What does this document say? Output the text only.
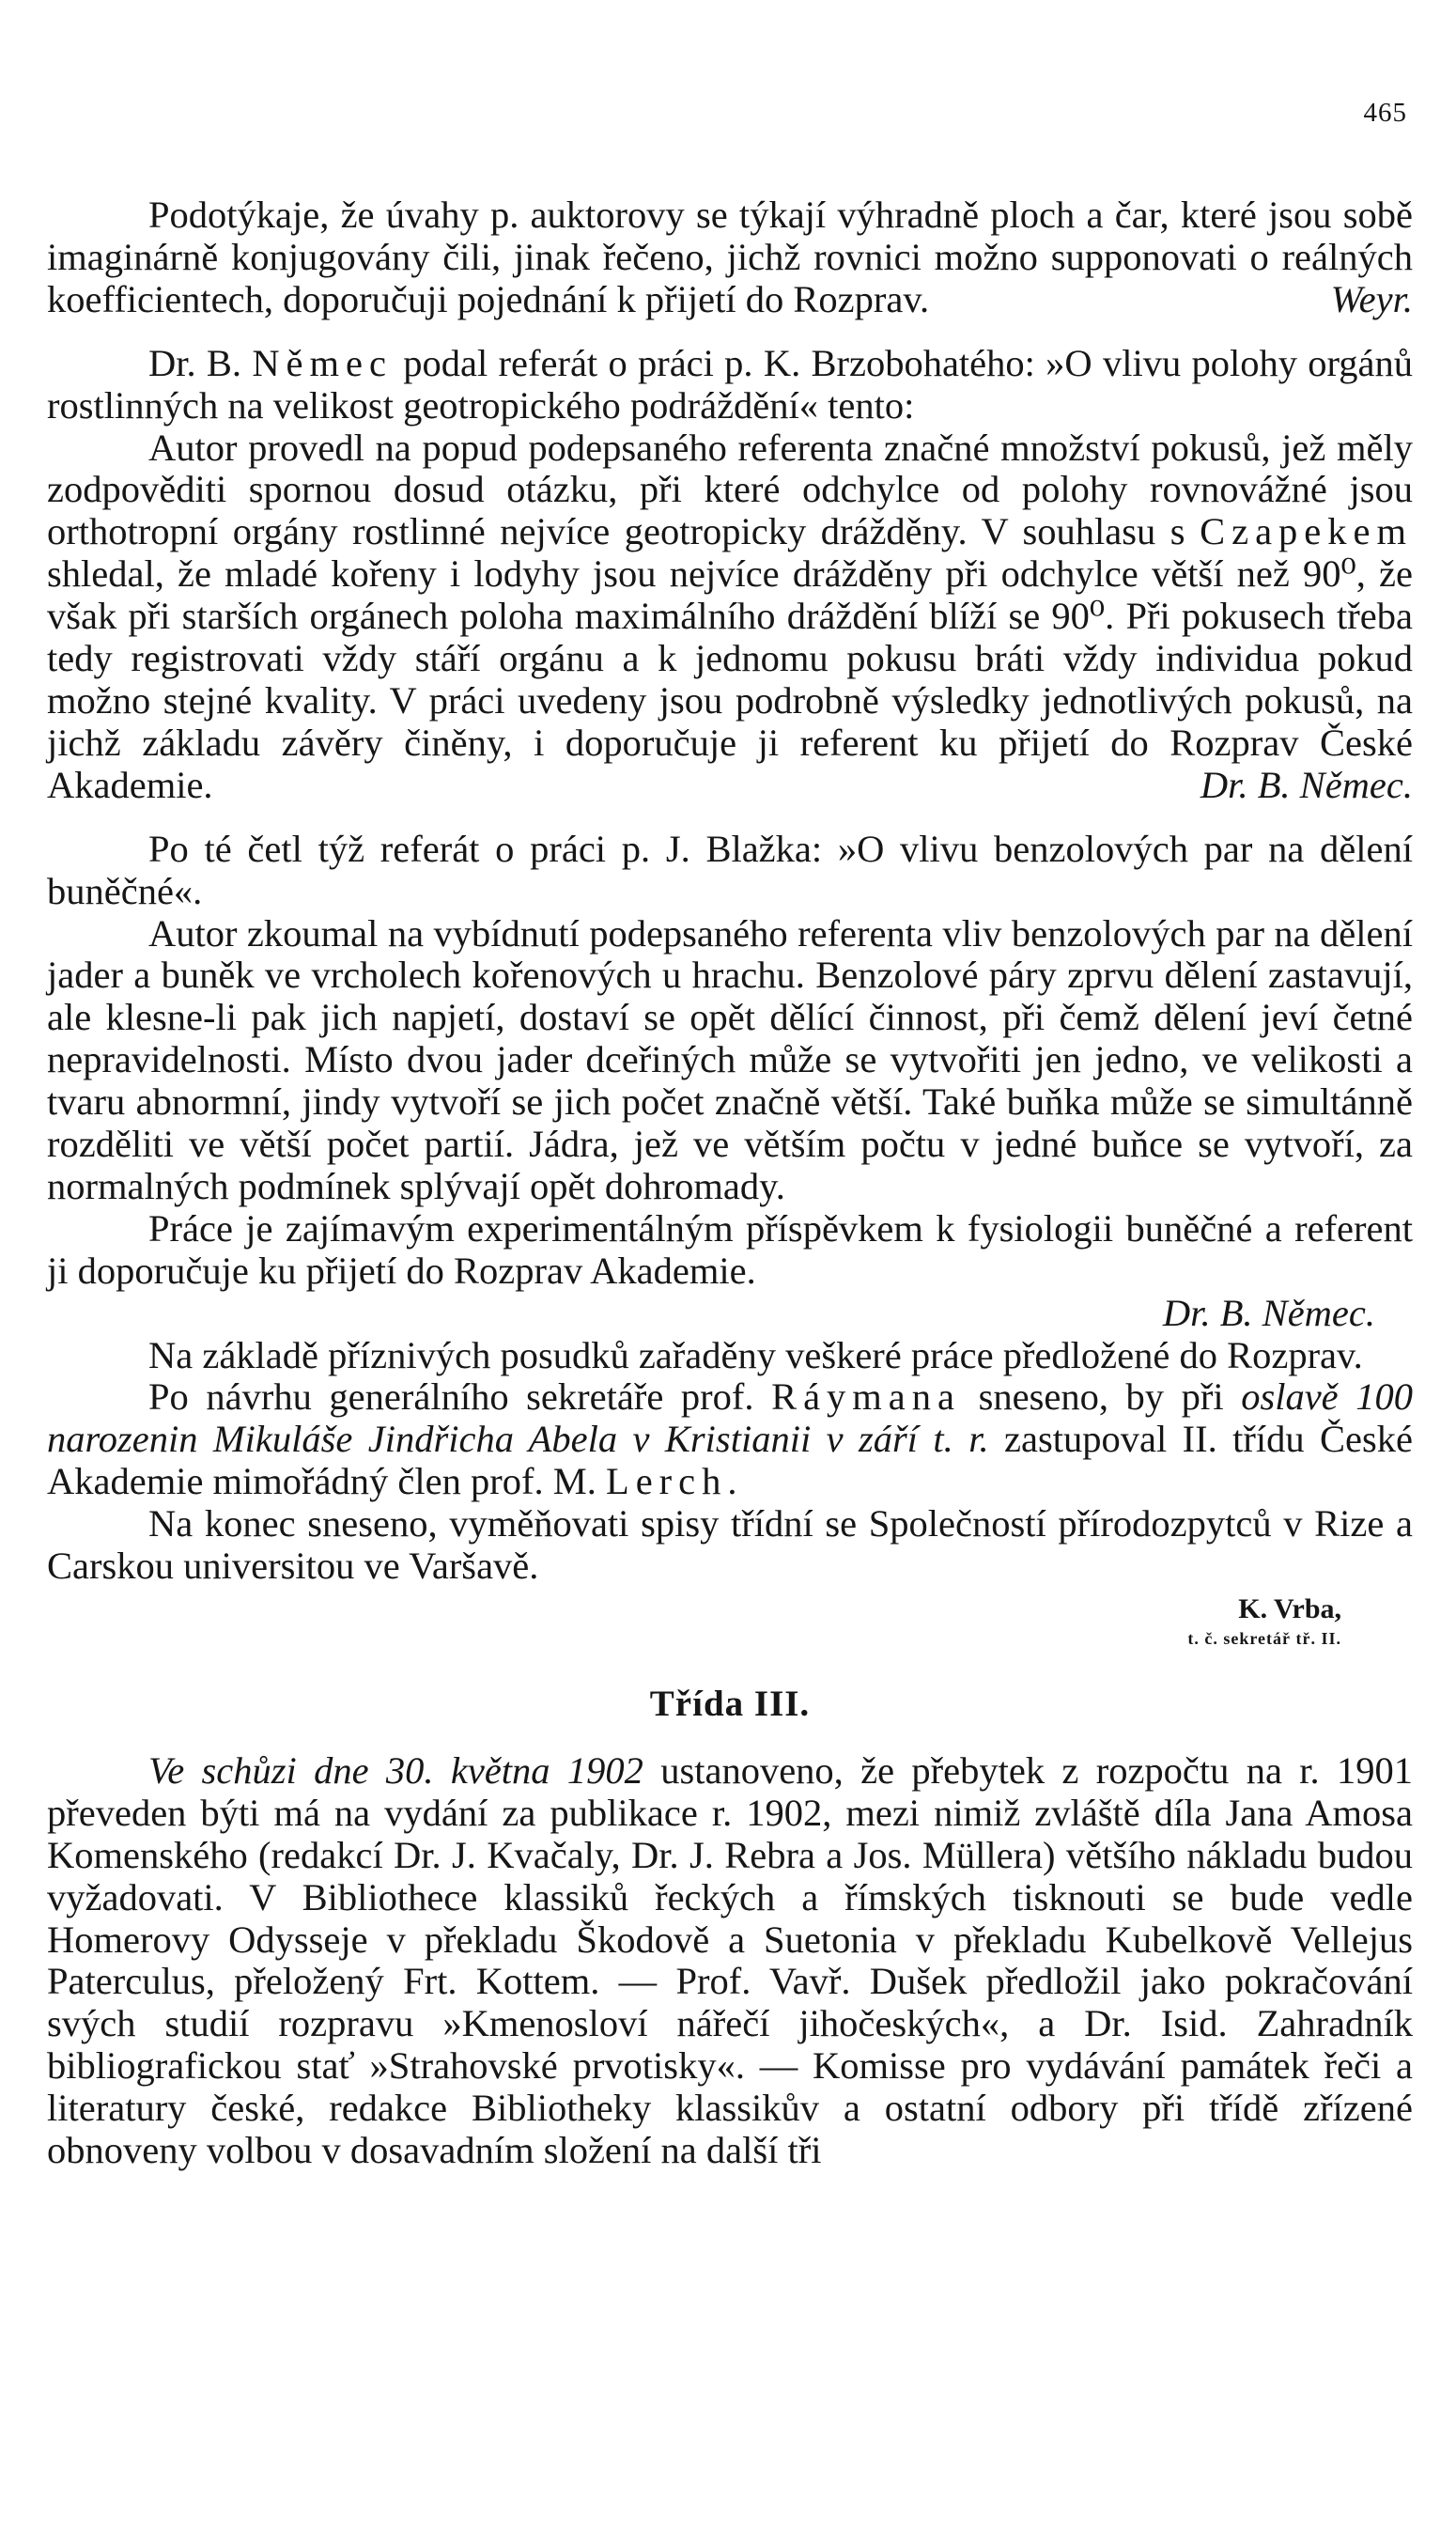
465

Podotýkaje, že úvahy p. auktorovy se týkají výhradně ploch a čar, které jsou sobě imaginárně konjugovány čili, jinak řečeno, jichž rovnici možno supponovati o reálných koefficientech, doporučuji pojednání k přijetí do Rozprav.	Weyr.

Dr. B. Němec podal referát o práci p. K. Brzobohatého: »O vlivu polohy orgánů rostlinných na velikost geotropického podráždění« tento:

Autor provedl na popud podepsaného referenta značné množství pokusů, jež měly zodpověditi spornou dosud otázku, při které odchylce od polohy rovnovážné jsou orthotropní orgány rostlinné nejvíce geotropicky drážděny. V souhlasu s Czapekem shledal, že mladé kořeny i lodyhy jsou nejvíce drážděny při odchylce větší než 90⁰, že však při starších orgánech poloha maximálního dráždění blíží se 90⁰. Při pokusech třeba tedy registrovati vždy stáří orgánu a k jednomu pokusu bráti vždy individua pokud možno stejné kvality. V práci uvedeny jsou podrobně výsledky jednotlivých pokusů, na jichž základu závěry činěny, i doporučuje ji referent ku přijetí do Rozprav České Akademie.	Dr. B. Němec.

Po té četl týž referát o práci p. J. Blažka: »O vlivu benzolových par na dělení buněčné«.

Autor zkoumal na vybídnutí podepsaného referenta vliv benzolových par na dělení jader a buněk ve vrcholech kořenových u hrachu. Benzolové páry zprvu dělení zastavují, ale klesne-li pak jich napjetí, dostaví se opět dělící činnost, při čemž dělení jeví četné nepravidelnosti. Místo dvou jader dceřiných může se vytvořiti jen jedno, ve velikosti a tvaru abnormní, jindy vytvoří se jich počet značně větší. Také buňka může se simultánně rozděliti ve větší počet partií. Jádra, jež ve větším počtu v jedné buňce se vytvoří, za normalných podmínek splývají opět dohromady.

Práce je zajímavým experimentálným příspěvkem k fysiologii buněčné a referent ji doporučuje ku přijetí do Rozprav Akademie.

Dr. B. Němec.

Na základě příznivých posudků zařaděny veškeré práce předložené do Rozprav.

Po návrhu generálního sekretáře prof. Ráymana sneseno, by při oslavě 100 narozenin Mikuláše Jindřicha Abela v Kristianii v září t. r. zastupoval II. třídu České Akademie mimořádný člen prof. M. Lerch.

Na konec sneseno, vyměňovati spisy třídní se Společností přírodozpytců v Rize a Carskou universitou ve Varšavě.

K. Vrba,
t. č. sekretář tř. II.
Třída III.

Ve schůzi dne 30. května 1902 ustanoveno, že přebytek z rozpočtu na r. 1901 převeden býti má na vydání za publikace r. 1902, mezi nimiž zvláště díla Jana Amosa Komenského (redakcí Dr. J. Kvačaly, Dr. J. Rebra a Jos. Müllera) většího nákladu budou vyžadovati. V Bibliothece klassiků řeckých a římských tisknouti se bude vedle Homerovy Odysseje v překladu Škodově a Suetonia v překladu Kubelkově Vellejus Paterculus, přeložený Frt. Kottem. — Prof. Vavř. Dušek předložil jako pokračování svých studií rozpravu »Kmenosloví nářečí jihočeských«, a Dr. Isid. Zahradník bibliografickou stať »Strahovské prvotisky«. — Komisse pro vydávání památek řeči a literatury české, redakce Bibliotheky klassikův a ostatní odbory při třídě zřízené obnoveny volbou v dosavadním složení na další tři
